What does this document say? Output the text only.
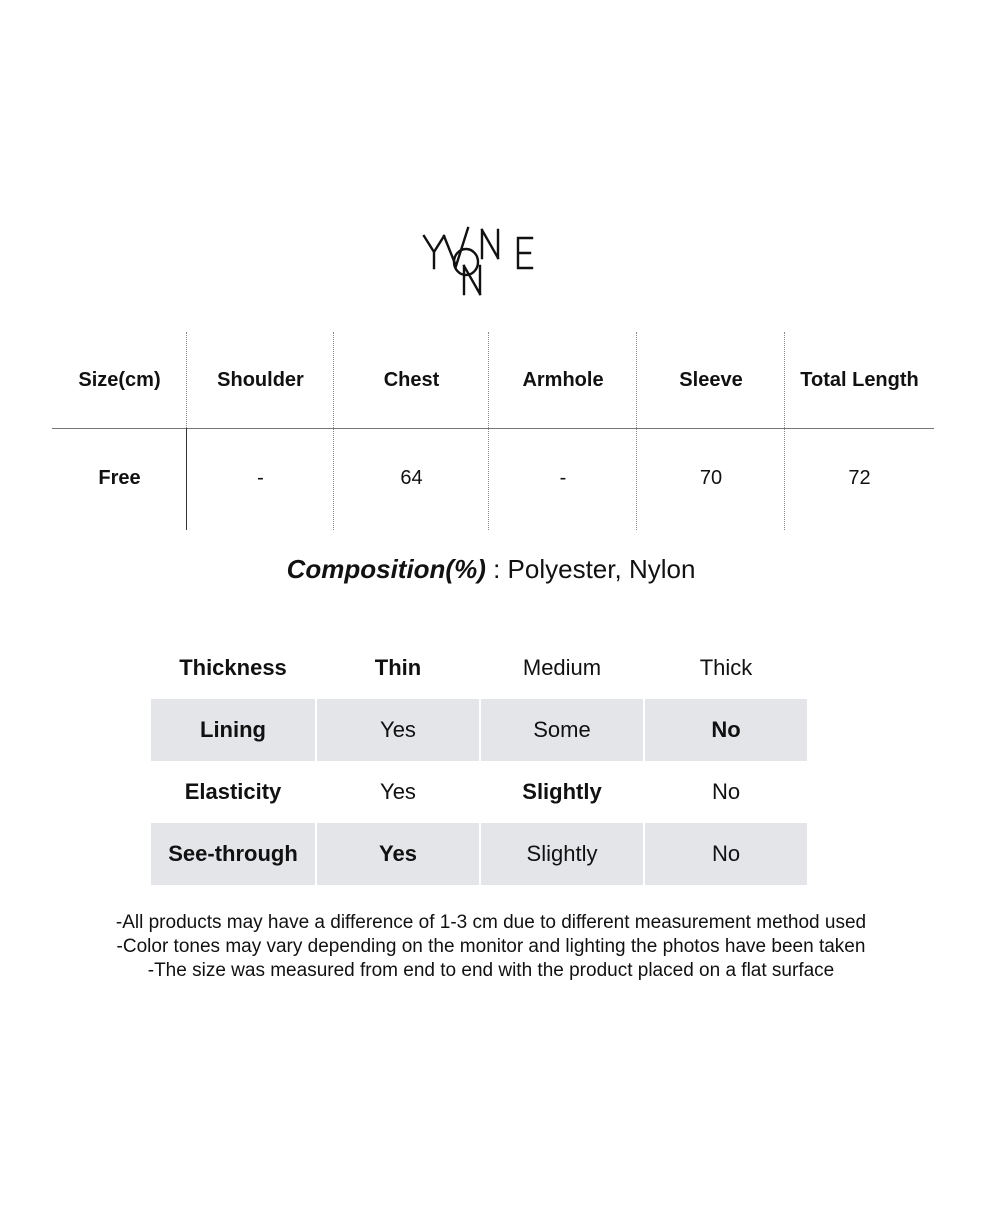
Size(cm)	Shoulder	Chest	Armhole	Sleeve	Total Length
Free	-	64	-	70	72
Composition(%) : Polyester, Nylon
Thickness	Thin	Medium	Thick
Lining	Yes	Some	No
Elasticity	Yes	Slightly	No
See-through	Yes	Slightly	No
-All products may have a difference of 1-3 cm due to different measurement method used
-Color tones may vary depending on the monitor and lighting the photos have been taken
-The size was measured from end to end with the product placed on a flat surface
